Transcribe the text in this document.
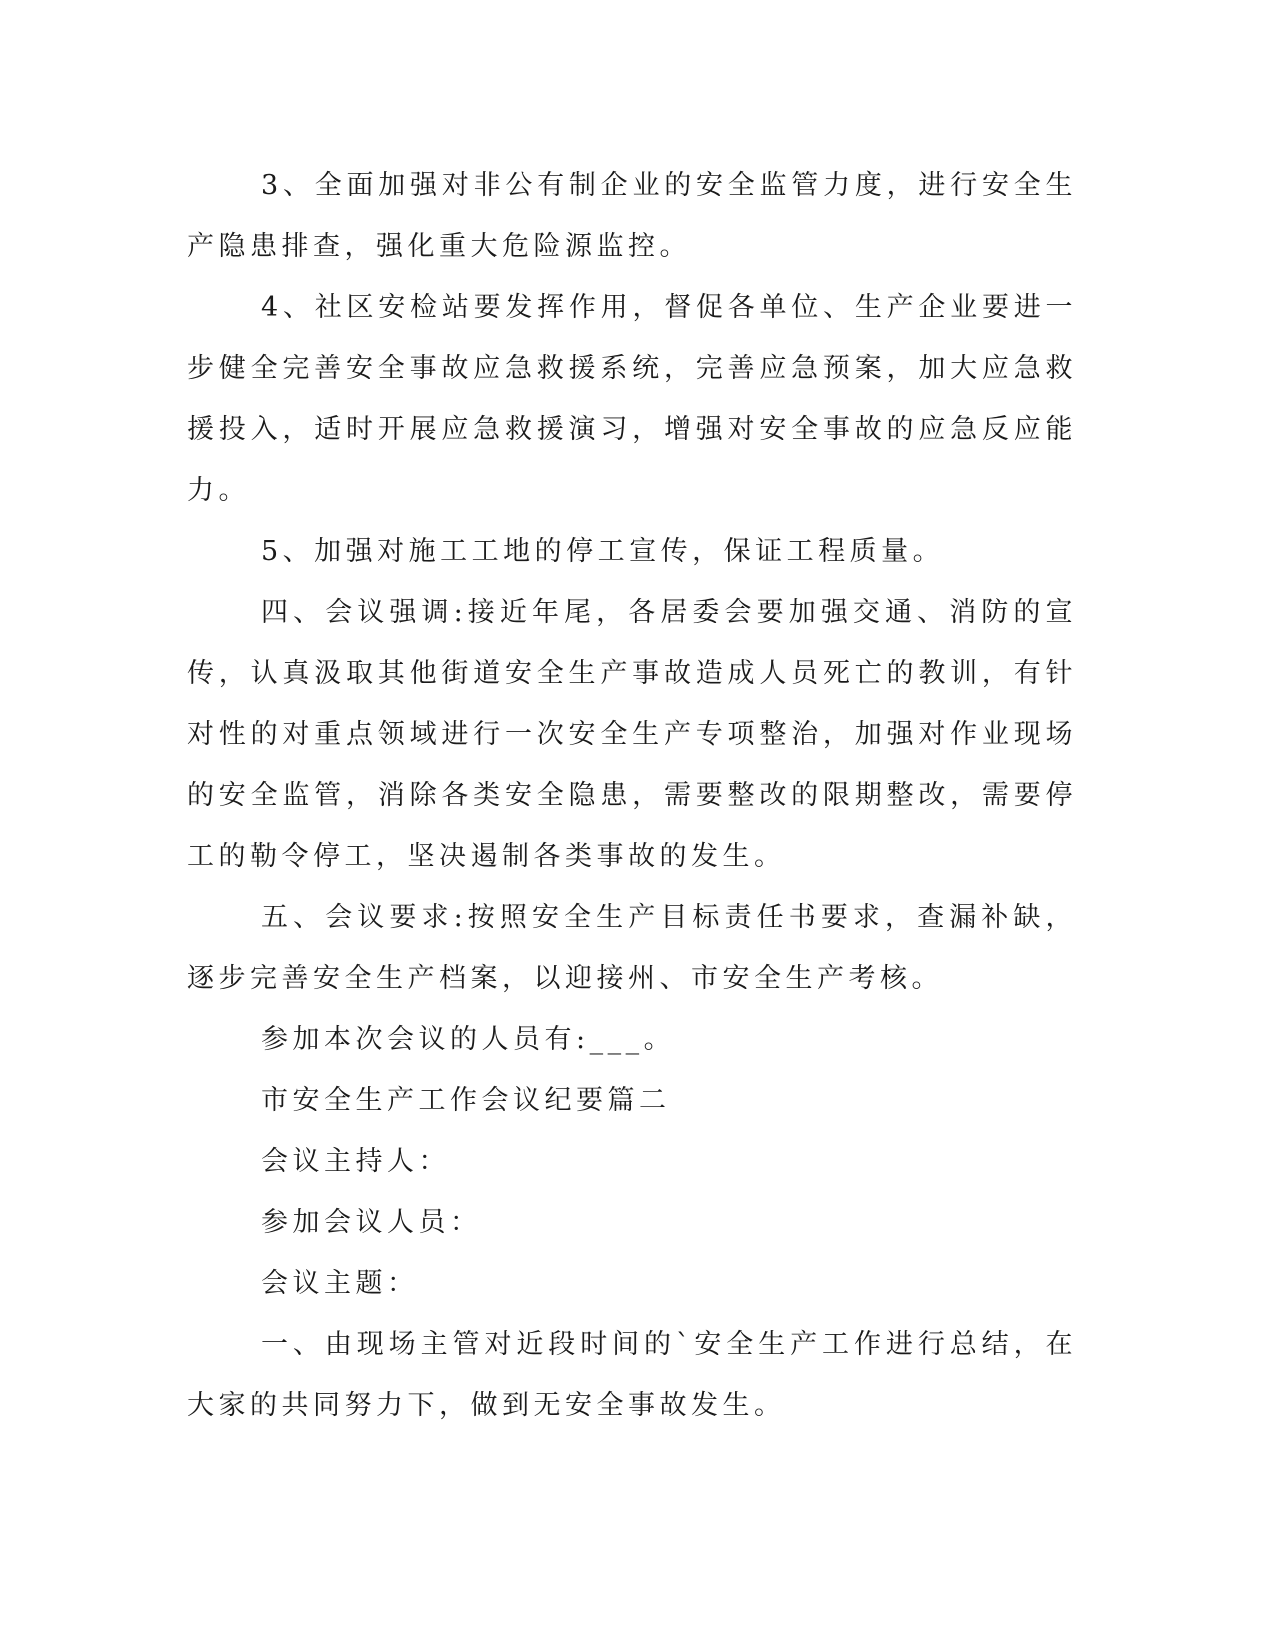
3、全面加强对非公有制企业的安全监管力度，进行安全生产隐患排查，强化重大危险源监控。

4、社区安检站要发挥作用，督促各单位、生产企业要进一步健全完善安全事故应急救援系统，完善应急预案，加大应急救援投入，适时开展应急救援演习，增强对安全事故的应急反应能力。

5、加强对施工工地的停工宣传，保证工程质量。

四、会议强调:接近年尾，各居委会要加强交通、消防的宣传，认真汲取其他街道安全生产事故造成人员死亡的教训，有针对性的对重点领域进行一次安全生产专项整治，加强对作业现场的安全监管，消除各类安全隐患，需要整改的限期整改，需要停工的勒令停工，坚决遏制各类事故的发生。

五、会议要求:按照安全生产目标责任书要求，查漏补缺，逐步完善安全生产档案，以迎接州、市安全生产考核。

参加本次会议的人员有:___。

市安全生产工作会议纪要篇二

会议主持人：

参加会议人员：

会议主题：

一、由现场主管对近段时间的`安全生产工作进行总结，在大家的共同努力下，做到无安全事故发生。
